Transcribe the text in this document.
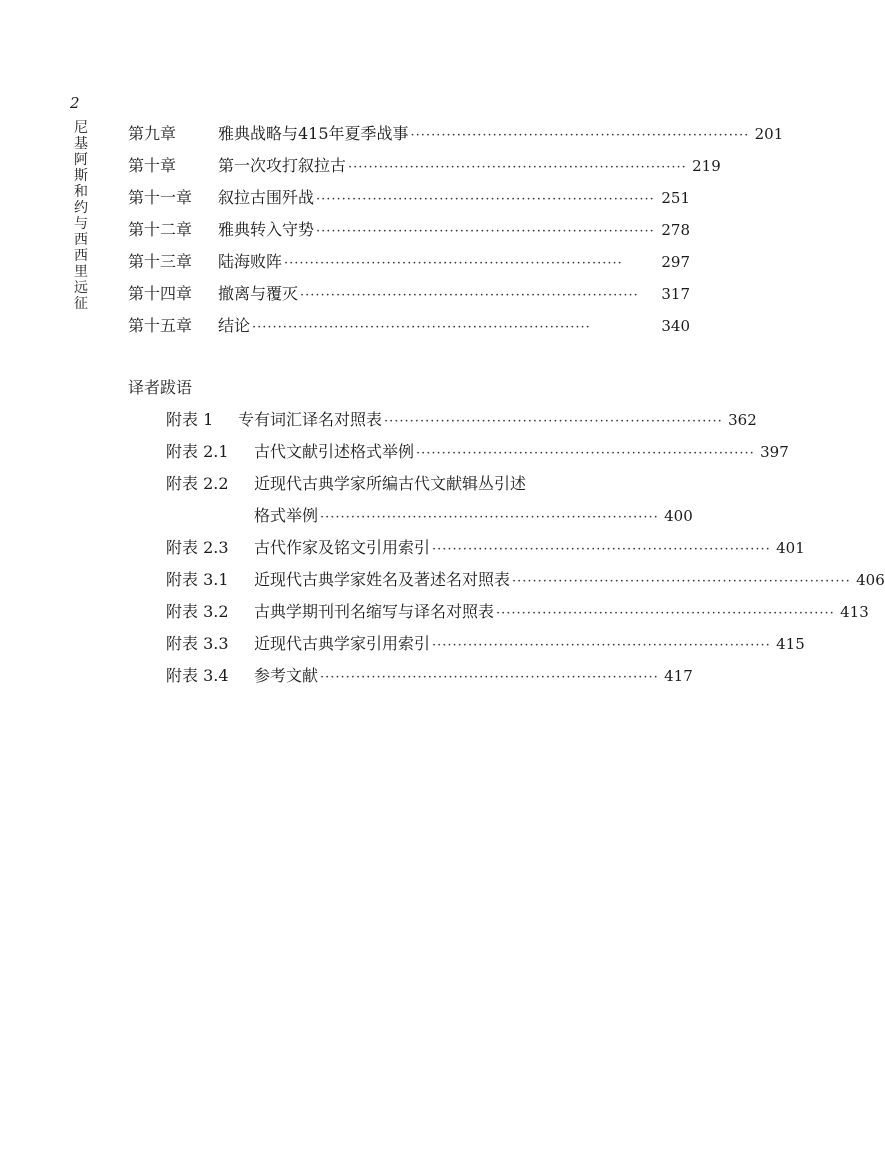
2
尼基阿斯和约与西西里远征
第九章	雅典战略与415年夏季战事 ·································································· 201
第十章	第一次攻打叙拉古 ·································································· 219
第十一章	叙拉古围歼战 ·································································· 251
第十二章	雅典转入守势 ·································································· 278
第十三章	陆海败阵 ··································································	297
第十四章	撤离与覆灭 ··································································	317
第十五章	结论 ··································································	340
译者跋语
附表 1	专有词汇译名对照表 ·································································· 362
附表 2.1	古代文献引述格式举例 ·································································· 397
附表 2.2	近现代古典学家所编古代文献辑丛引述
格式举例 ·································································· 400
附表 2.3	古代作家及铭文引用索引 ·································································· 401
附表 3.1	近现代古典学家姓名及著述名对照表 ·································································· 406
附表 3.2	古典学期刊刊名缩写与译名对照表 ·································································· 413
附表 3.3	近现代古典学家引用索引 ·································································· 415
附表 3.4	参考文献 ·································································· 417
